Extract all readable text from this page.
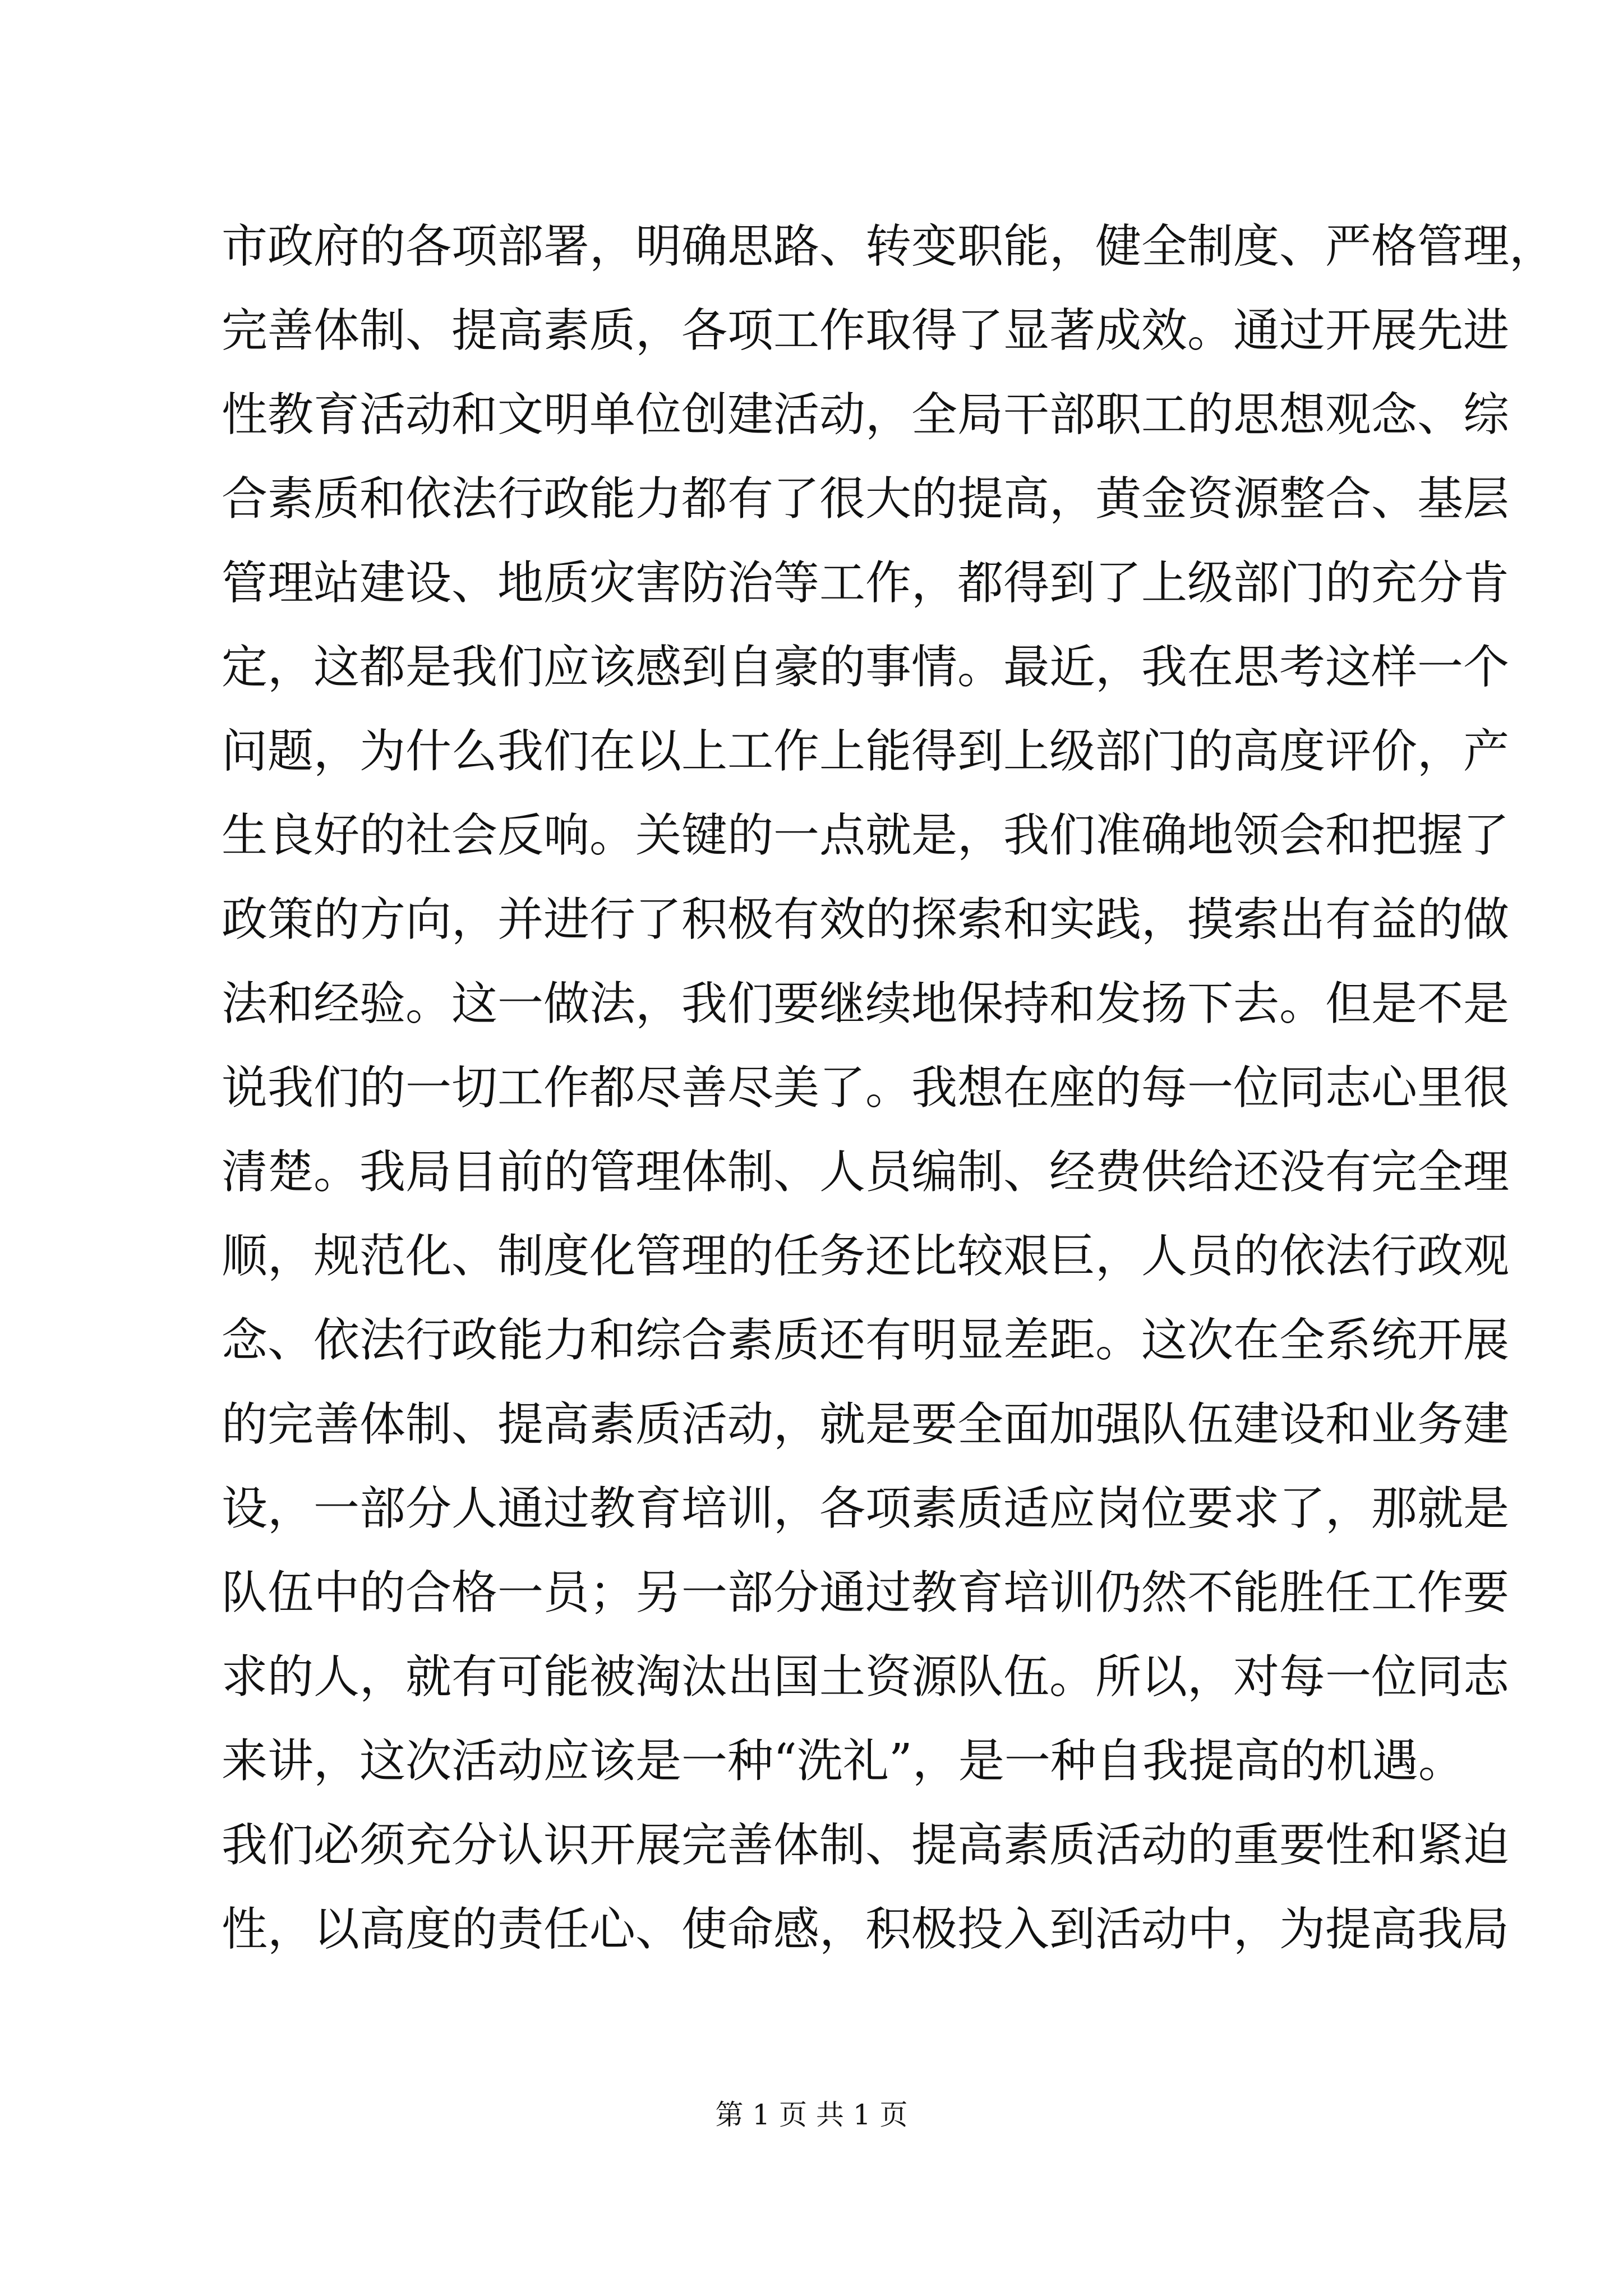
市政府的各项部署，明确思路、转变职能，健全制度、严格管理，
完善体制、提高素质，各项工作取得了显著成效。通过开展先进
性教育活动和文明单位创建活动，全局干部职工的思想观念、综
合素质和依法行政能力都有了很大的提高，黄金资源整合、基层
管理站建设、地质灾害防治等工作，都得到了上级部门的充分肯
定，这都是我们应该感到自豪的事情。最近，我在思考这样一个
问题，为什么我们在以上工作上能得到上级部门的高度评价，产
生良好的社会反响。关键的一点就是，我们准确地领会和把握了
政策的方向，并进行了积极有效的探索和实践，摸索出有益的做
法和经验。这一做法，我们要继续地保持和发扬下去。但是不是
说我们的一切工作都尽善尽美了。我想在座的每一位同志心里很
清楚。我局目前的管理体制、人员编制、经费供给还没有完全理
顺，规范化、制度化管理的任务还比较艰巨，人员的依法行政观
念、依法行政能力和综合素质还有明显差距。这次在全系统开展
的完善体制、提高素质活动，就是要全面加强队伍建设和业务建
设，一部分人通过教育培训，各项素质适应岗位要求了，那就是
队伍中的合格一员；另一部分通过教育培训仍然不能胜任工作要
求的人，就有可能被淘汰出国土资源队伍。所以，对每一位同志
来讲，这次活动应该是一种“洗礼”，是一种自我提高的机遇。
我们必须充分认识开展完善体制、提高素质活动的重要性和紧迫
性，以高度的责任心、使命感，积极投入到活动中，为提高我局
第 1 页 共 1 页
